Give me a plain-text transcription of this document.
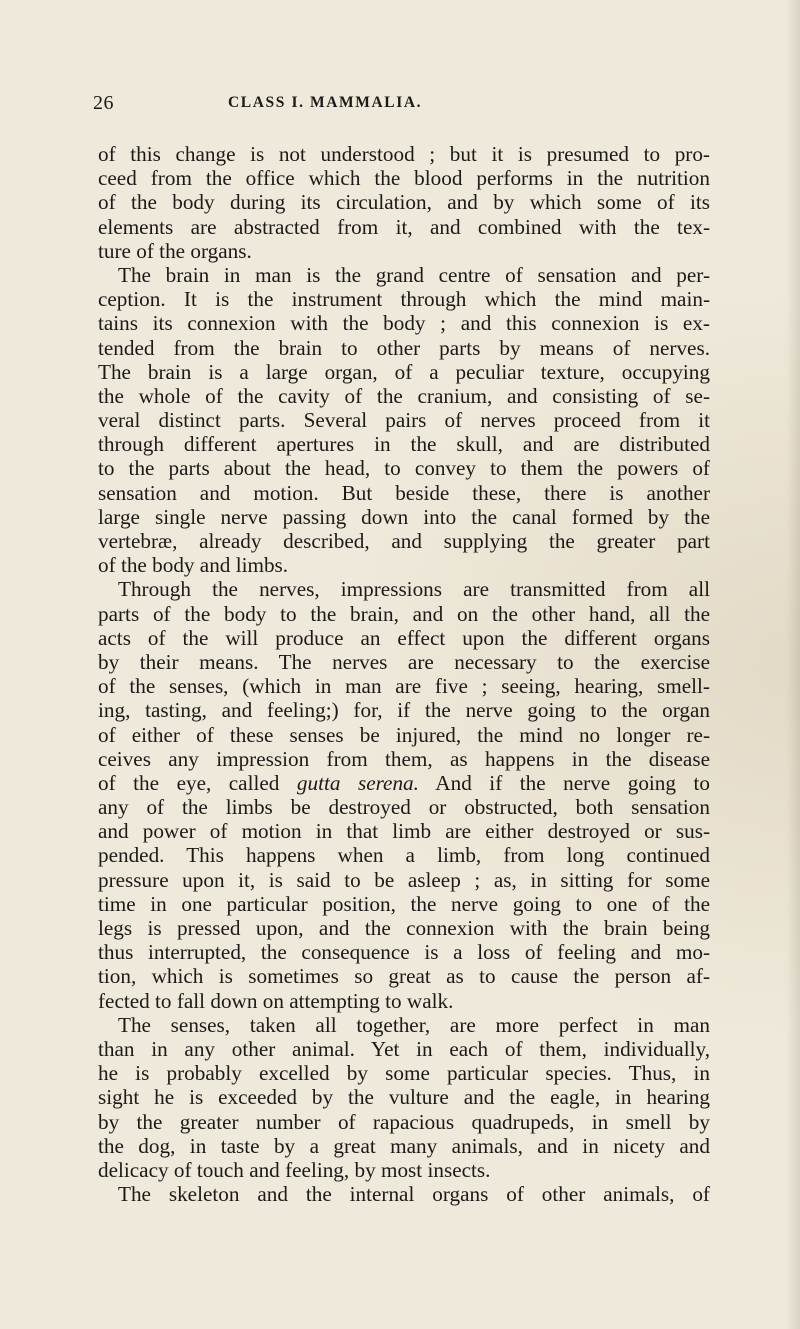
26	CLASS I. MAMMALIA.
of this change is not understood ; but it is presumed to pro-
ceed from the office which the blood performs in the nutrition
of the body during its circulation, and by which some of its
elements are abstracted from it, and combined with the tex-
ture of the organs.
The brain in man is the grand centre of sensation and per-
ception. It is the instrument through which the mind main-
tains its connexion with the body ; and this connexion is ex-
tended from the brain to other parts by means of nerves.
The brain is a large organ, of a peculiar texture, occupying
the whole of the cavity of the cranium, and consisting of se-
veral distinct parts. Several pairs of nerves proceed from it
through different apertures in the skull, and are distributed
to the parts about the head, to convey to them the powers of
sensation and motion. But beside these, there is another
large single nerve passing down into the canal formed by the
vertebræ, already described, and supplying the greater part
of the body and limbs.
Through the nerves, impressions are transmitted from all
parts of the body to the brain, and on the other hand, all the
acts of the will produce an effect upon the different organs
by their means. The nerves are necessary to the exercise
of the senses, (which in man are five ; seeing, hearing, smell-
ing, tasting, and feeling;) for, if the nerve going to the organ
of either of these senses be injured, the mind no longer re-
ceives any impression from them, as happens in the disease
of the eye, called gutta serena. And if the nerve going to
any of the limbs be destroyed or obstructed, both sensation
and power of motion in that limb are either destroyed or sus-
pended. This happens when a limb, from long continued
pressure upon it, is said to be asleep ; as, in sitting for some
time in one particular position, the nerve going to one of the
legs is pressed upon, and the connexion with the brain being
thus interrupted, the consequence is a loss of feeling and mo-
tion, which is sometimes so great as to cause the person af-
fected to fall down on attempting to walk.
The senses, taken all together, are more perfect in man
than in any other animal. Yet in each of them, individually,
he is probably excelled by some particular species. Thus, in
sight he is exceeded by the vulture and the eagle, in hearing
by the greater number of rapacious quadrupeds, in smell by
the dog, in taste by a great many animals, and in nicety and
delicacy of touch and feeling, by most insects.
The skeleton and the internal organs of other animals, of
